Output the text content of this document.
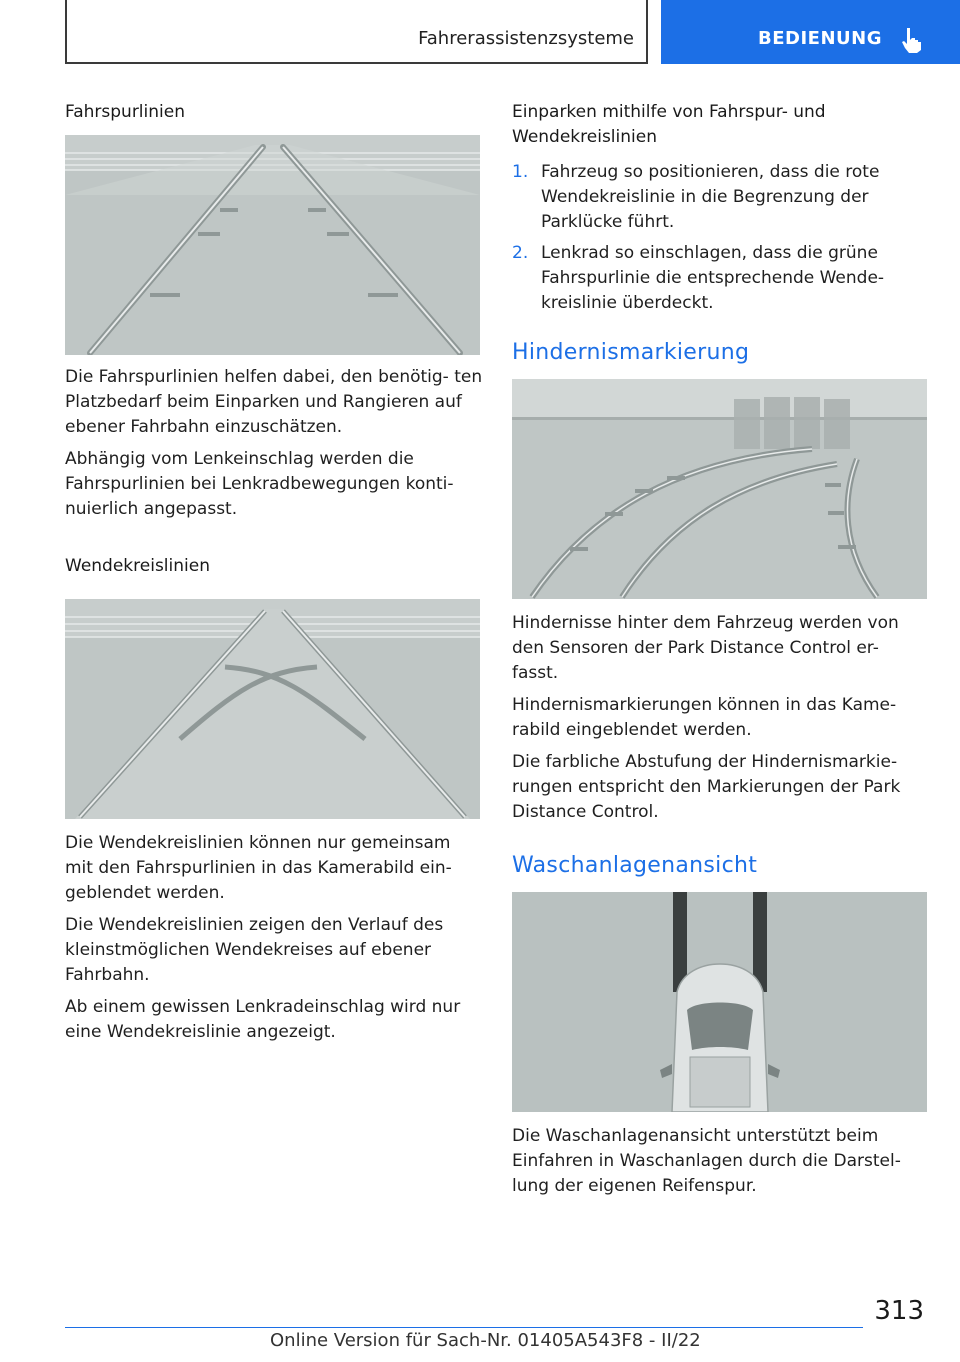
Fahrerassistenzsysteme	BEDIENUNG
Fahrspurlinien

Die Fahrspurlinien helfen dabei, den benötig- ten Platzbedarf beim Einparken und Rangieren auf ebener Fahrbahn einzuschätzen.

Abhängig vom Lenkeinschlag werden die Fahrspurlinien bei Lenkradbewegungen konti- nuierlich angepasst.

Wendekreislinien

Die Wendekreislinien können nur gemeinsam mit den Fahrspurlinien in das Kamerabild ein- geblendet werden.

Die Wendekreislinien zeigen den Verlauf des kleinstmöglichen Wendekreises auf ebener Fahrbahn.

Ab einem gewissen Lenkradeinschlag wird nur eine Wendekreislinie angezeigt.

Einparken mithilfe von Fahrspur- und Wendekreislinien
1. Fahrzeug so positionieren, dass die rote Wendekreislinie in die Begrenzung der Parklücke führt.
2. Lenkrad so einschlagen, dass die grüne Fahrspurlinie die entsprechende Wende- kreislinie überdeckt.
Hindernismarkierung

Hindernisse hinter dem Fahrzeug werden von den Sensoren der Park Distance Control er- fasst.

Hindernismarkierungen können in das Kame- rabild eingeblendet werden.

Die farbliche Abstufung der Hindernismarkie- rungen entspricht den Markierungen der Park Distance Control.

Waschanlagenansicht

Die Waschanlagenansicht unterstützt beim Einfahren in Waschanlagen durch die Darstel- lung der eigenen Reifenspur.

313
Online Version für Sach-Nr. 01405A543F8 - II/22
